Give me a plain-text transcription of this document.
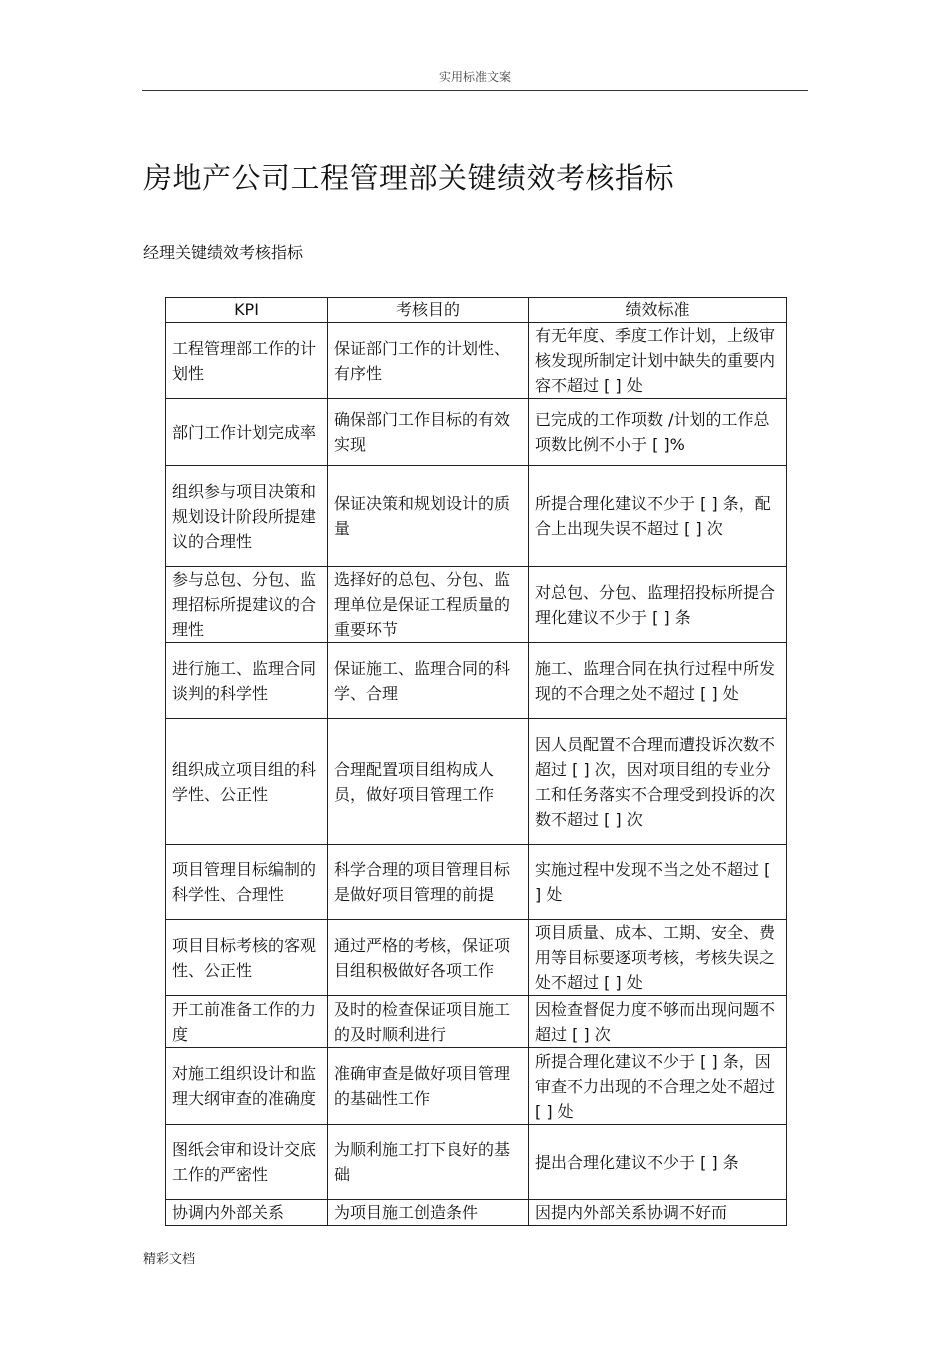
实用标准文案
房地产公司工程管理部关键绩效考核指标
经理关键绩效考核指标
KPI	考核目的	绩效标准
工程管理部工作的计划性	保证部门工作的计划性、有序性	有无年度、季度工作计划，上级审核发现所制定计划中缺失的重要内容不超过 [ ] 处
部门工作计划完成率	确保部门工作目标的有效实现	已完成的工作项数 /计划的工作总项数比例不小于 [ ]%
组织参与项目决策和规划设计阶段所提建议的合理性	保证决策和规划设计的质量	所提合理化建议不少于 [ ] 条，配合上出现失误不超过 [ ] 次
参与总包、分包、监理招标所提建议的合理性	选择好的总包、分包、监理单位是保证工程质量的重要环节	对总包、分包、监理招投标所提合理化建议不少于 [ ] 条
进行施工、监理合同谈判的科学性	保证施工、监理合同的科学、合理	施工、监理合同在执行过程中所发现的不合理之处不超过 [ ] 处
组织成立项目组的科学性、公正性	合理配置项目组构成人员，做好项目管理工作	因人员配置不合理而遭投诉次数不超过 [ ] 次，因对项目组的专业分工和任务落实不合理受到投诉的次数不超过 [ ] 次
项目管理目标编制的科学性、合理性	科学合理的项目管理目标是做好项目管理的前提	实施过程中发现不当之处不超过 [ ] 处
项目目标考核的客观性、公正性	通过严格的考核，保证项目组积极做好各项工作	项目质量、成本、工期、安全、费用等目标要逐项考核，考核失误之处不超过 [ ] 处
开工前准备工作的力度	及时的检查保证项目施工的及时顺利进行	因检查督促力度不够而出现问题不超过 [ ] 次
对施工组织设计和监理大纲审查的准确度	准确审查是做好项目管理的基础性工作	所提合理化建议不少于 [ ] 条，因审查不力出现的不合理之处不超过 [ ] 处
图纸会审和设计交底工作的严密性	为顺利施工打下良好的基础	提出合理化建议不少于 [ ] 条
协调内外部关系	为项目施工创造条件	因提内外部关系协调不好而
精彩文档
